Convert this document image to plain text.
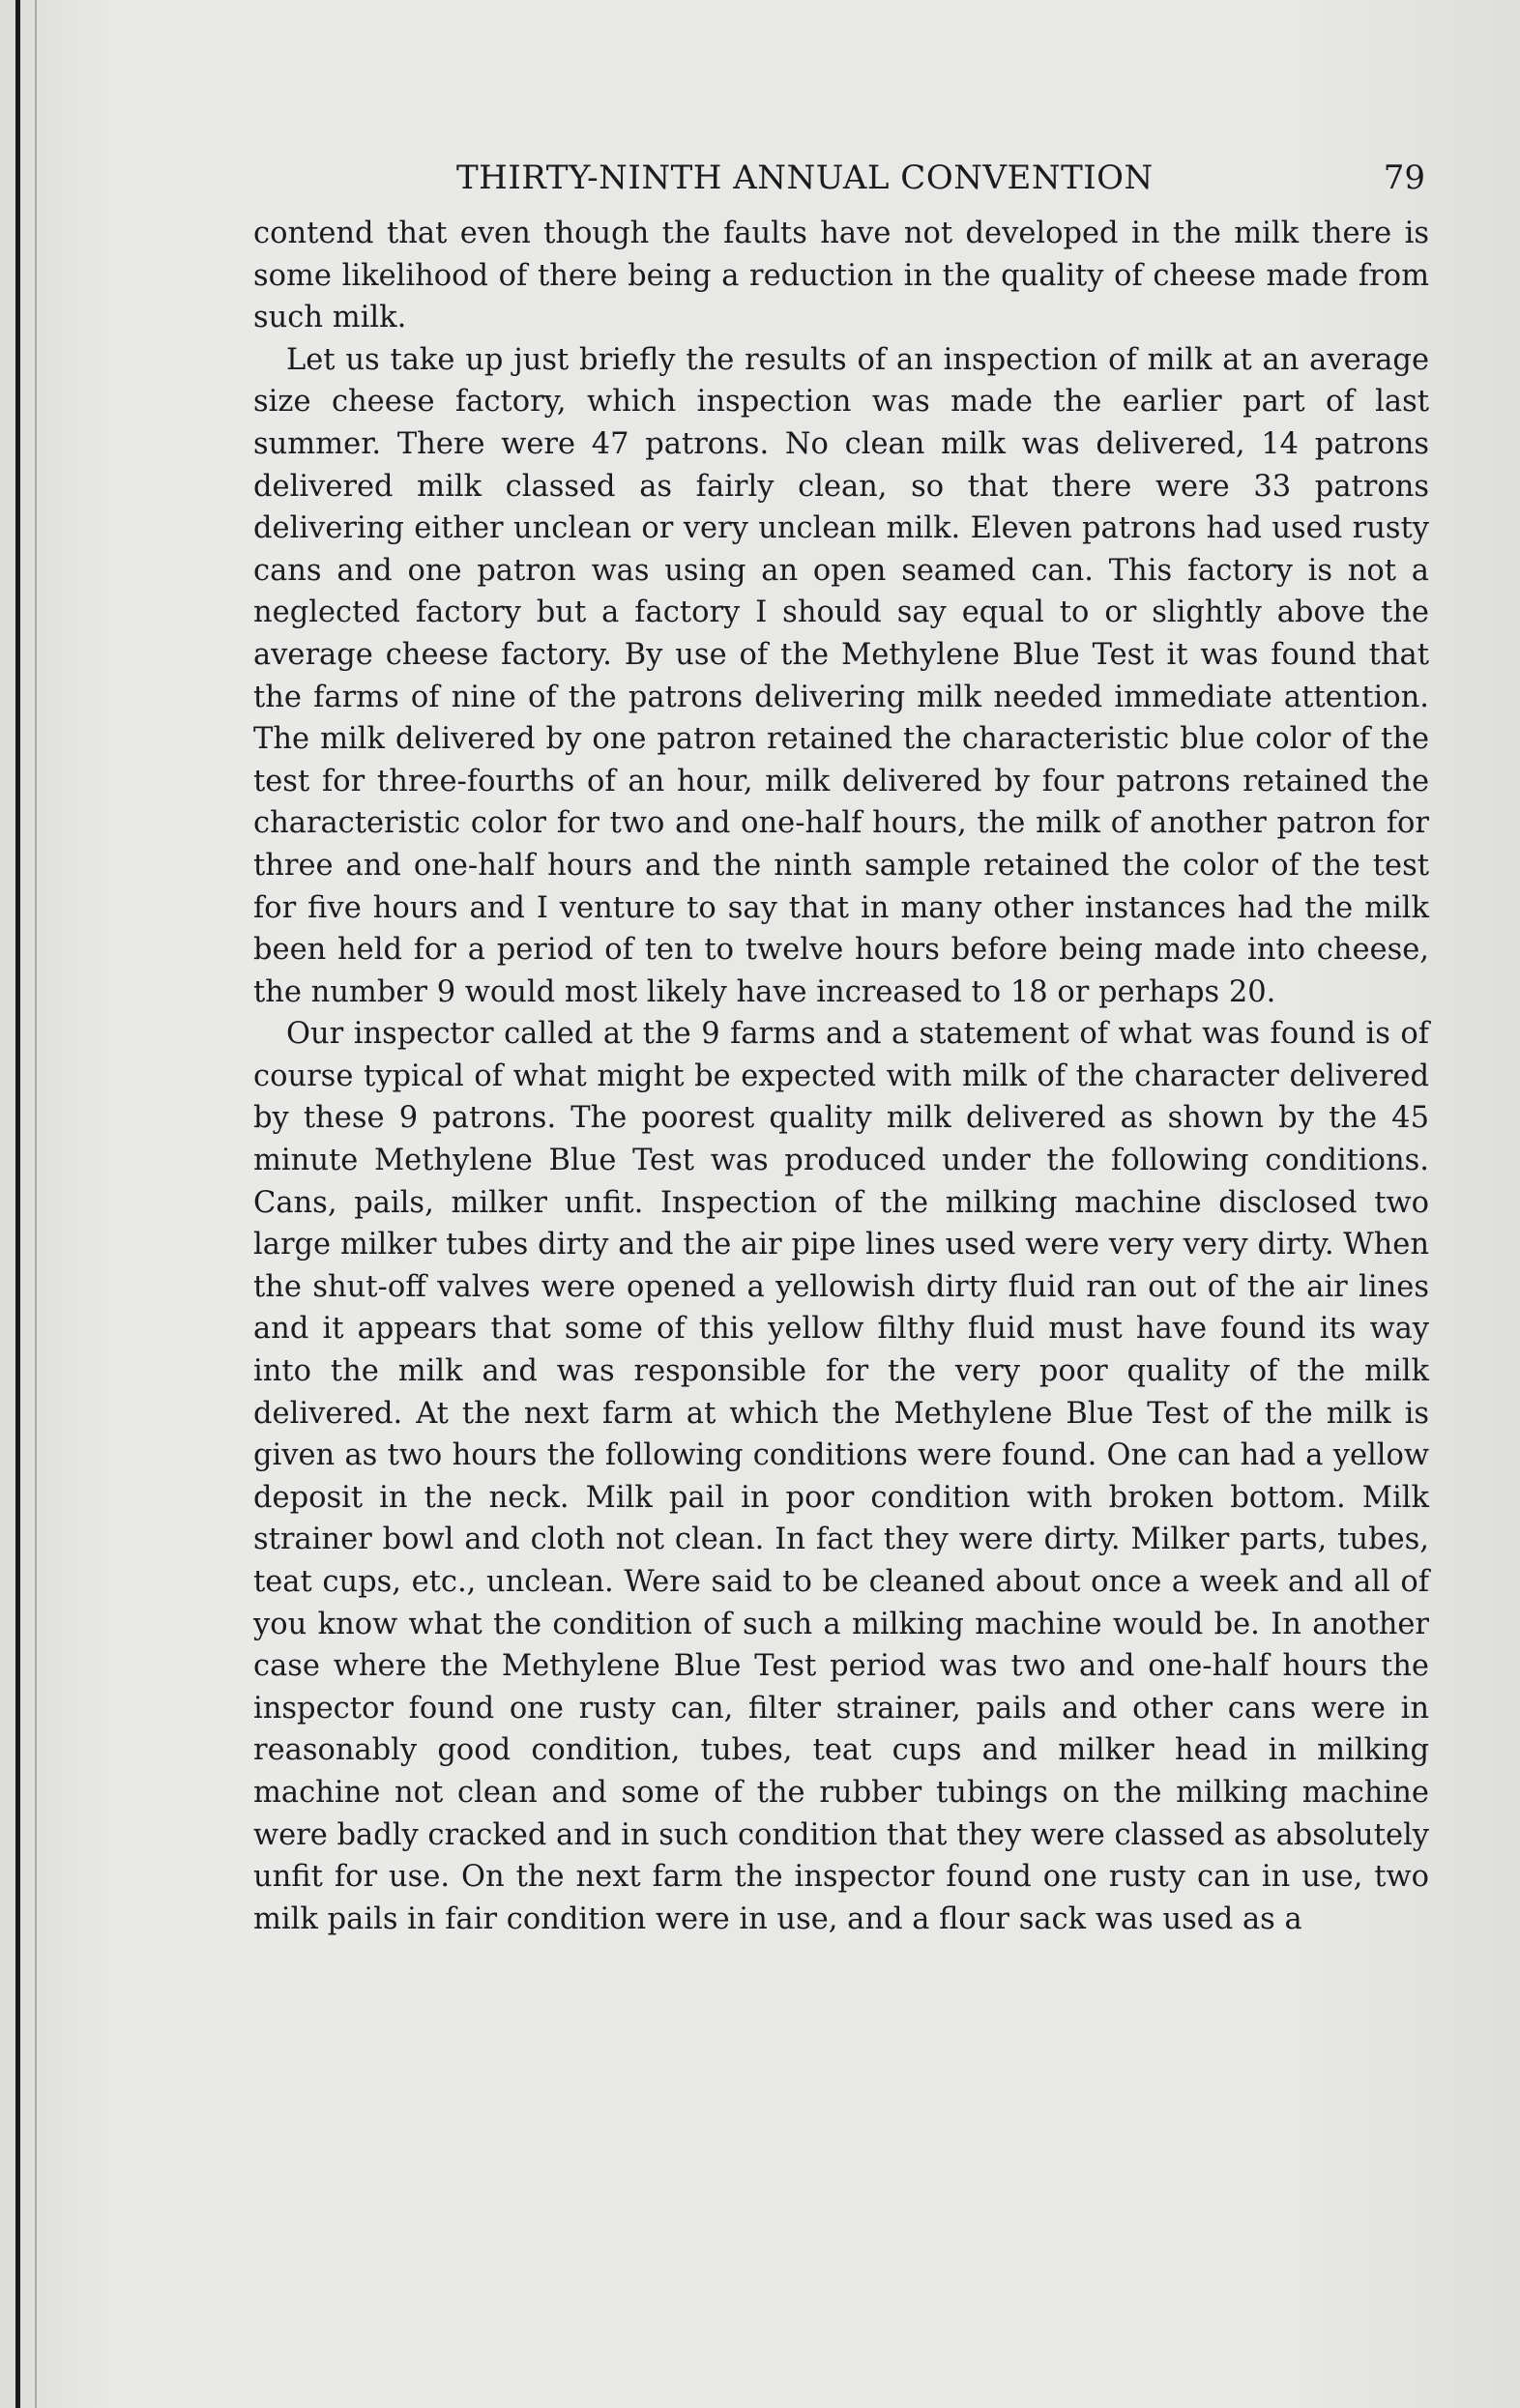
THIRTY-NINTH ANNUAL CONVENTION	79

contend that even though the faults have not developed in the milk there is some likelihood of there being a reduction in the quality of cheese made from such milk.

Let us take up just briefly the results of an inspection of milk at an average size cheese factory, which inspection was made the earlier part of last summer. There were 47 patrons. No clean milk was delivered, 14 patrons delivered milk classed as fairly clean, so that there were 33 patrons delivering either unclean or very unclean milk. Eleven patrons had used rusty cans and one patron was using an open seamed can. This factory is not a neglected factory but a factory I should say equal to or slightly above the average cheese factory. By use of the Methylene Blue Test it was found that the farms of nine of the patrons delivering milk needed immediate attention. The milk delivered by one patron retained the characteristic blue color of the test for three-fourths of an hour, milk delivered by four patrons retained the characteristic color for two and one-half hours, the milk of another patron for three and one-half hours and the ninth sample retained the color of the test for five hours and I venture to say that in many other instances had the milk been held for a period of ten to twelve hours before being made into cheese, the number 9 would most likely have increased to 18 or perhaps 20.

Our inspector called at the 9 farms and a statement of what was found is of course typical of what might be expected with milk of the character delivered by these 9 patrons. The poorest quality milk delivered as shown by the 45 minute Methylene Blue Test was produced under the following conditions. Cans, pails, milker unfit. Inspection of the milking machine disclosed two large milker tubes dirty and the air pipe lines used were very very dirty. When the shut-off valves were opened a yellowish dirty fluid ran out of the air lines and it appears that some of this yellow filthy fluid must have found its way into the milk and was responsible for the very poor quality of the milk delivered. At the next farm at which the Methylene Blue Test of the milk is given as two hours the following conditions were found. One can had a yellow deposit in the neck. Milk pail in poor condition with broken bottom. Milk strainer bowl and cloth not clean. In fact they were dirty. Milker parts, tubes, teat cups, etc., unclean. Were said to be cleaned about once a week and all of you know what the condition of such a milking machine would be. In another case where the Methylene Blue Test period was two and one-half hours the inspector found one rusty can, filter strainer, pails and other cans were in reasonably good condition, tubes, teat cups and milker head in milking machine not clean and some of the rubber tubings on the milking machine were badly cracked and in such condition that they were classed as absolutely unfit for use. On the next farm the inspector found one rusty can in use, two milk pails in fair condition were in use, and a flour sack was used as a
